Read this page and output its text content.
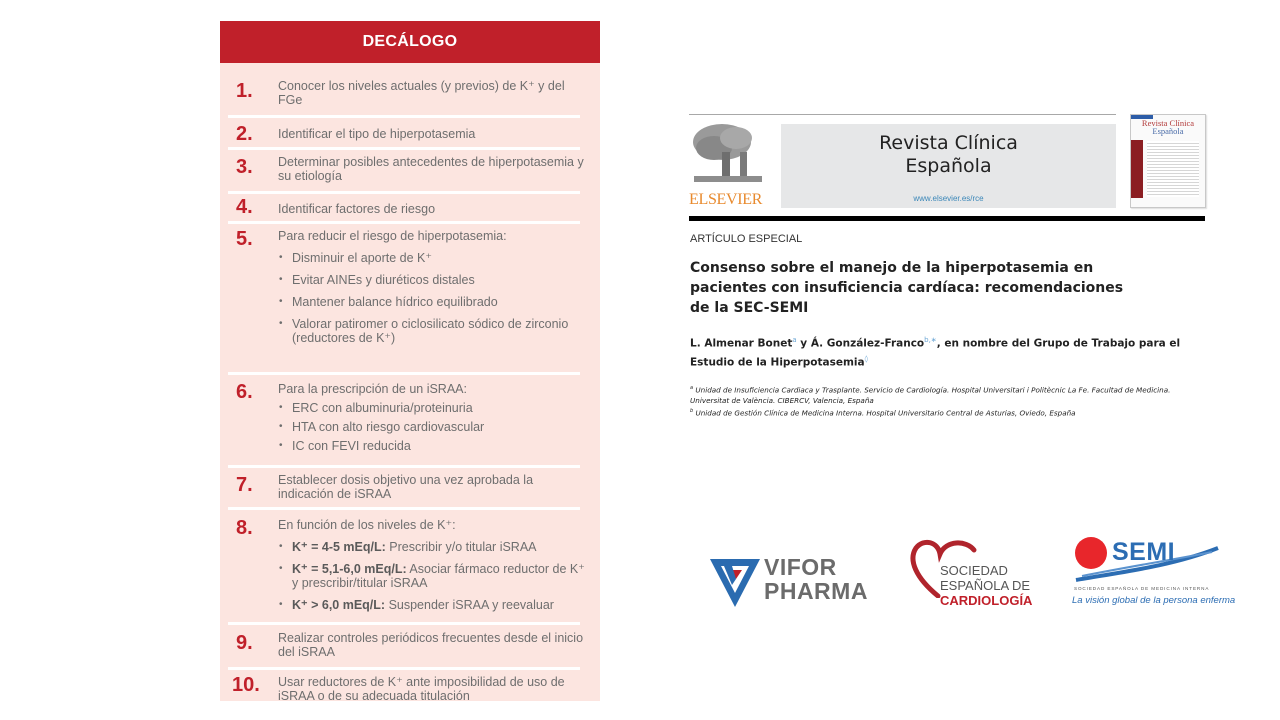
DECÁLOGO
1. Conocer los niveles actuales (y previos) de K⁺ y del FGe
2. Identificar el tipo de hiperpotasemia
3. Determinar posibles antecedentes de hiperpotasemia y su etiología
4. Identificar factores de riesgo
5. Para reducir el riesgo de hiperpotasemia:
• Disminuir el aporte de K⁺
• Evitar AINEs y diuréticos distales
• Mantener balance hídrico equilibrado
• Valorar patiromer o ciclosilicato sódico de zirconio (reductores de K⁺)
6. Para la prescripción de un iSRAA:
• ERC con albuminuria/proteinuria
• HTA con alto riesgo cardiovascular
• IC con FEVI reducida
7. Establecer dosis objetivo una vez aprobada la indicación de iSRAA
8. En función de los niveles de K⁺:
• K⁺ = 4-5 mEq/L: Prescribir y/o titular iSRAA
• K⁺ = 5,1-6,0 mEq/L: Asociar fármaco reductor de K⁺ y prescribir/titular iSRAA
• K⁺ > 6,0 mEq/L: Suspender iSRAA y reevaluar
9. Realizar controles periódicos frecuentes desde el inicio del iSRAA
10. Usar reductores de K⁺ ante imposibilidad de uso de iSRAA o de su adecuada titulación
ELSEVIER
Revista Clínica
Española
www.elsevier.es/rce
Revista Clínica
Española
ARTÍCULO ESPECIAL
Consenso sobre el manejo de la hiperpotasemia en pacientes con insuficiencia cardíaca: recomendaciones de la SEC-SEMI
L. Almenar Bonet$^a$ y Á. González-Franco$^{b,∗}$, en nombre del Grupo de Trabajo para el Estudio de la Hiperpotasemia◊
$^a$ Unidad de Insuficiencia Cardiaca y Trasplante. Servicio de Cardiología. Hospital Universitari i Politècnic La Fe. Facultad de Medicina. Universitat de València. CIBERCV, Valencia, España
$^b$ Unidad de Gestión Clínica de Medicina Interna. Hospital Universitario Central de Asturias, Oviedo, España
VIFOR
PHARMA
SOCIEDAD
ESPAÑOLA DE
CARDIOLOGÍA
SEMI
SOCIEDAD ESPAÑOLA DE MEDICINA INTERNA
La visión global de la persona enferma
